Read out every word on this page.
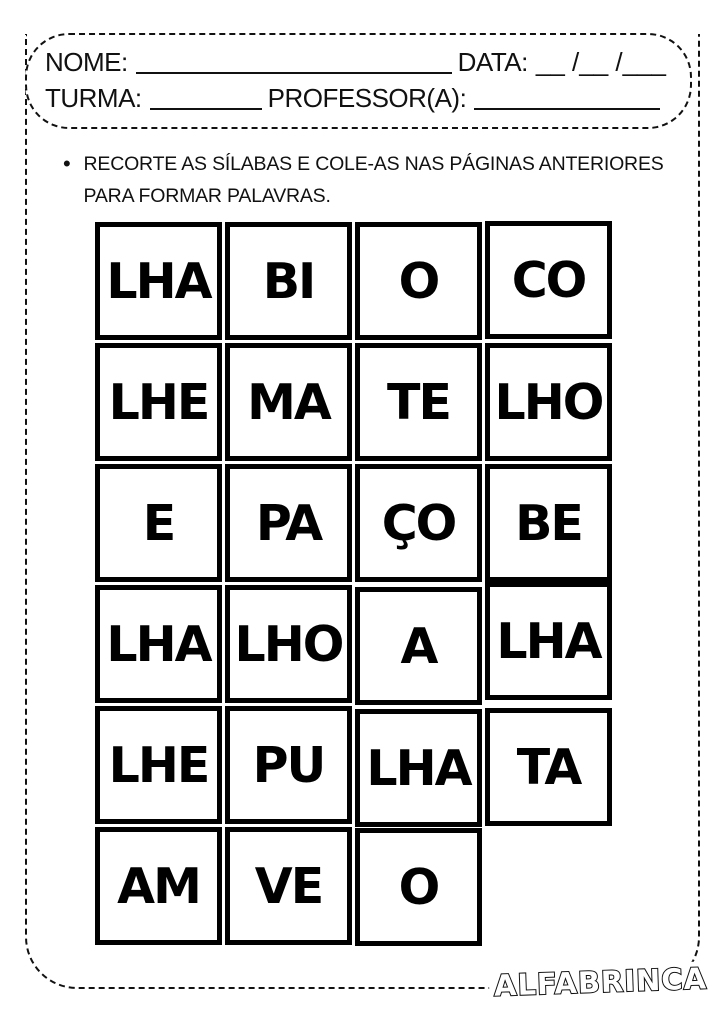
NOME:	DATA: __ /__ /___
TURMA:	PROFESSOR(A):
• RECORTE AS SÍLABAS E COLE-AS NAS PÁGINAS ANTERIORES
PARA FORMAR PALAVRAS.
LHA	BI	O	CO
LHE MA	TE LHO
E	PA	ÇO	BE
LHA LHO	A	LHA
LHE PU LHA TA
AM	VE	O
ALFABRINCA
